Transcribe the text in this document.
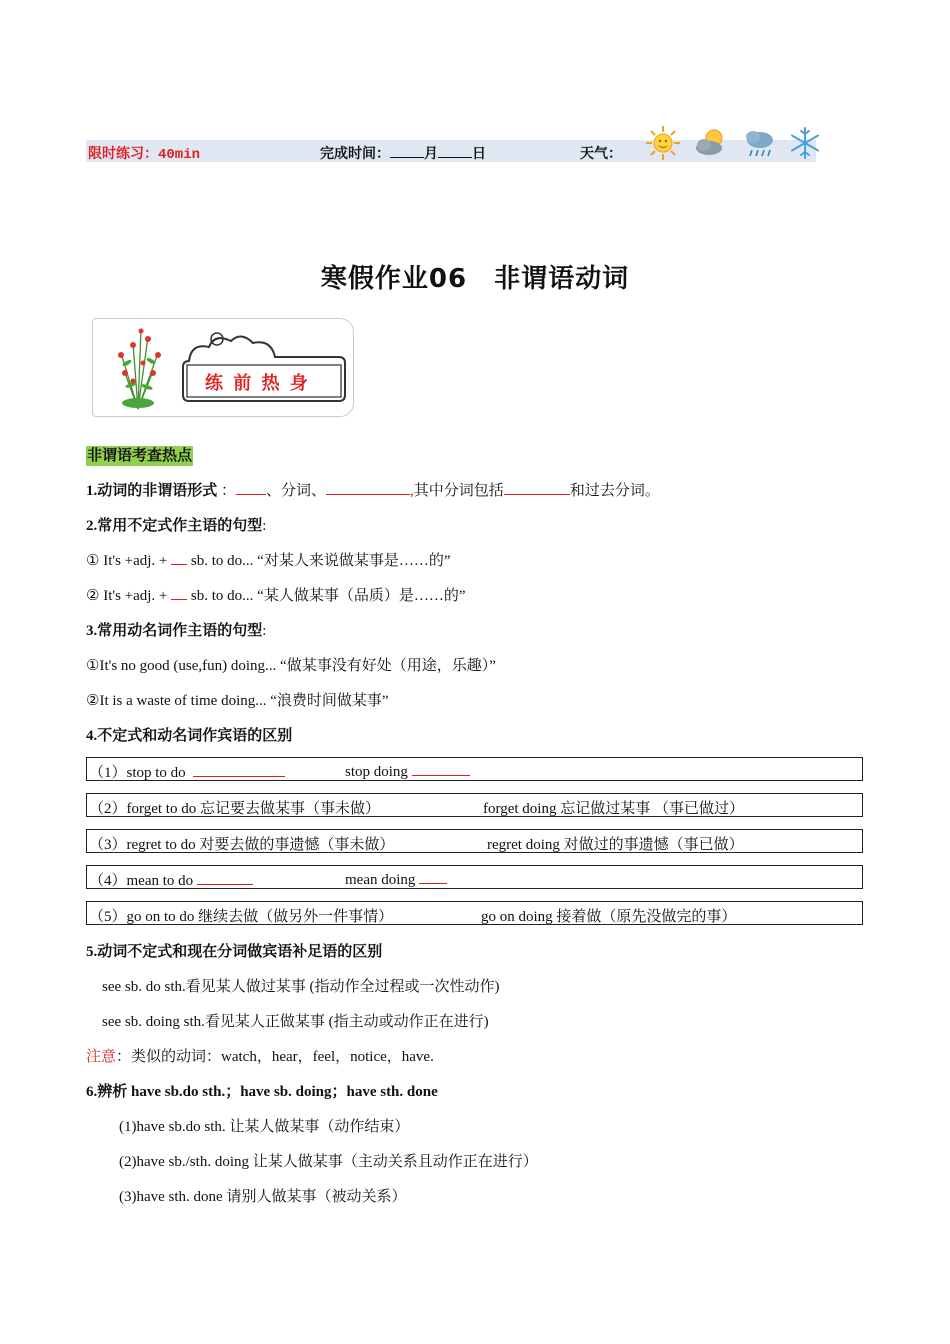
限时练习：40min	完成时间： 月 日	天气：
寒假作业06　非谓语动词
练 前 热 身
非谓语考查热点
1.动词的非谓语形式 ： 、分词、	,其中分词包括	和过去分词。
2.常用不定式作主语的句型:
① It's +adj. +  sb. to do... “对某人来说做某事是……的”
② It's +adj. +  sb. to do... “某人做某事（品质）是……的”
3.常用动名词作主语的句型:
①It's no good (use,fun) doing... “做某事没有好处（用途，乐趣）”
②It is a waste of time doing... “浪费时间做某事”
4.不定式和动名词作宾语的区别
（1）stop to do	stop doing
（2）forget to do 忘记要去做某事（事未做）	forget doing 忘记做过某事 （事已做过）
（3）regret to do 对要去做的事遗憾（事未做）	regret doing 对做过的事遗憾（事已做）
（4）mean to do	mean doing
（5）go on to do 继续去做（做另外一件事情）	go on doing 接着做（原先没做完的事）
5.动词不定式和现在分词做宾语补足语的区别
see sb. do sth.看见某人做过某事 (指动作全过程或一次性动作)
see sb. doing sth.看见某人正做某事 (指主动或动作正在进行)
注意：类似的动词：watch，hear，feel，notice，have.
6.辨析 have sb.do sth.；have sb. doing；have sth. done
(1)have sb.do sth. 让某人做某事（动作结束）
(2)have sb./sth. doing 让某人做某事（主动关系且动作正在进行）
(3)have sth. done 请别人做某事（被动关系）
